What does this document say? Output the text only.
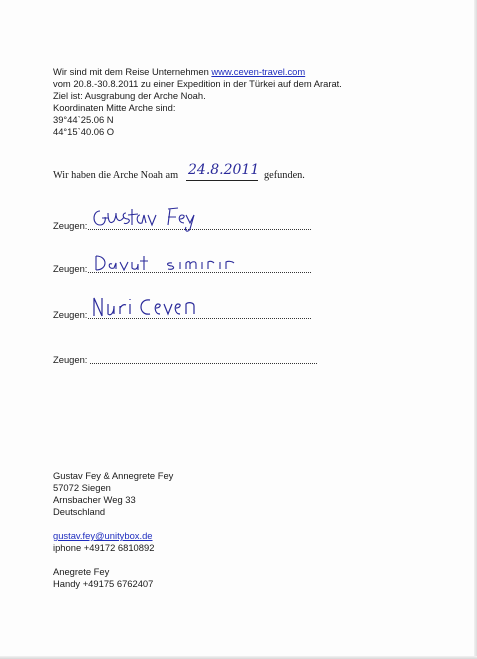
Wir sind mit dem Reise Unternehmen www.ceven-travel.com
vom 20.8.-30.8.2011 zu einer Expedition in der Türkei auf dem Ararat.
Ziel ist: Ausgrabung der Arche Noah.
Koordinaten Mitte Arche sind:
39°44`25.06 N
44°15`40.06 O
Wir haben die Arche Noah am 24.8.2011 gefunden.
Zeugen:
Zeugen:
Zeugen:
Zeugen:
Gustav Fey & Annegrete Fey
57072 Siegen
Arnsbacher Weg 33
Deutschland
gustav.fey@unitybox.de
iphone +49172 6810892
Anegrete Fey
Handy +49175 6762407
